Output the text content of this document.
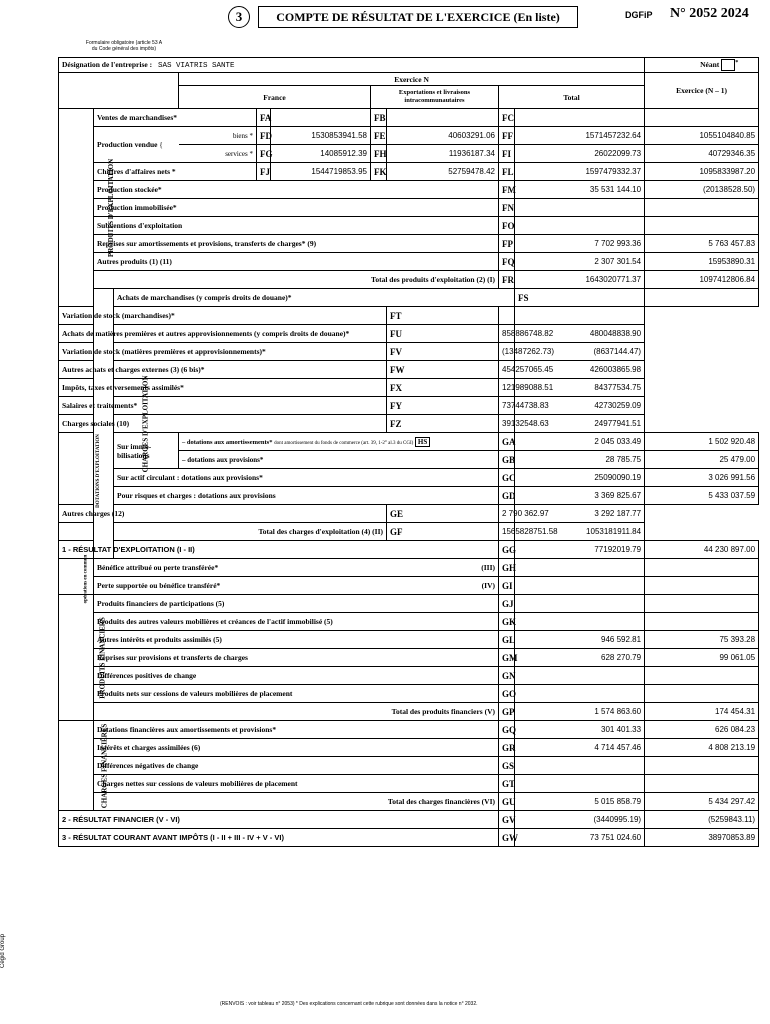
3	COMPTE DE RÉSULTAT DE L'EXERCICE (En liste)	DGFiP N° 2052 2024
Formulaire obligatoire (article 53 A
du Code général des impôts)
Désignation de l'entreprise : SAS VIATRIS SANTE										Néant *
			Exercice N							Exercice (N – 1)	
			France			Exportations et livraisons intracommunautaires		Total			
PRODUITS D'EXPLOITATION	Ventes de marchandises*			FA		FB		FC			
	Production vendue {		biens *	FD	1530853941.58	FE	40603291.06	FF	1571457232.64	1055104840.85	
			services *	FG	14085912.39	FH	11936187.34	FI	26022099.73	40729346.35	
	Chiffres d'affaires nets *			FJ	1544719853.95	FK	52759478.42	FL	1597479332.37	1095833987.20	
	Production stockée*							FM	35 531 144.10	(20138528.50)	
	Production immobilisée*							FN			
	Subventions d'exploitation							FO			
	Reprises sur amortissements et provisions, transferts de charges* (9)							FP	7 702 993.36	5 763 457.83	
	Autres produits (1) (11)							FQ	2 307 301.54	15953890.31	
	Total des produits d'exploitation (2) (I)							FR	1643020771.37	1097412806.84	
	CHARGES D'EXPLOITATION	Achats de marchandises (y compris droits de douane)*							FS		
Variation de stock (marchandises)*							FT				
Achats de matières premières et autres approvisionnements (y compris droits de douane)*							FU	858886748.82	480048838.90		
Variation de stock (matières premières et approvisionnements)*							FV	(13487262.73)	(8637144.47)		
Autres achats et charges externes (3) (6 bis)*							FW	454257065.45	426003865.98		
Impôts, taxes et versements assimilés*							FX	121989088.51	84377534.75		
Salaires et traitements*							FY	73744738.83	42730259.09		
Charges sociales (10)							FZ	39132548.63	24977941.51		
DOTATIONS D'EXPLOITATION		Sur immo-
bilisations	– dotations aux amortissements* dont amortissement du fonds de commerce (art. 39, 1-2° al.3 du CGI) HS					GA	2 045 033.49	1 502 920.48	
			– dotations aux provisions*					GB	28 785.75	25 479.00	
		Sur actif circulant : dotations aux provisions*						GC	25090090.19	3 026 991.56	
		Pour risques et charges : dotations aux provisions						GD	3 369 825.67	5 433 037.59	
Autres charges (12)							GE	2 790 362.97	3 292 187.77		
Total des charges d'exploitation (4) (II)							GF	1565828751.58	1053181911.84		
1 - RÉSULTAT D'EXPLOITATION (I - II)								GG	77192019.79	44 230 897.00	
opérations en commun	Bénéfice attribué ou perte transférée* (III)							GH			
	Perte supportée ou bénéfice transféré* (IV)							GI			
PRODUITS FINANCIERS	Produits financiers de participations (5)							GJ			
	Produits des autres valeurs mobilières et créances de l'actif immobilisé (5)							GK			
	Autres intérêts et produits assimilés (5)							GL	946 592.81	75 393.28	
	Reprises sur provisions et transferts de charges							GM	628 270.79	99 061.05	
	Différences positives de change							GN			
	Produits nets sur cessions de valeurs mobilières de placement							GO			
	Total des produits financiers (V)							GP	1 574 863.60	174 454.31	
CHARGES FINANCIÈRES	Dotations financières aux amortissements et provisions*							GQ	301 401.33	626 084.23	
	Intérêts et charges assimilées (6)							GR	4 714 457.46	4 808 213.19	
	Différences négatives de change							GS			
	Charges nettes sur cessions de valeurs mobilières de placement							GT			
	Total des charges financières (VI)							GU	5 015 858.79	5 434 297.42	
2 - RÉSULTAT FINANCIER (V - VI)								GV	(3440995.19)	(5259843.11)	
3 - RÉSULTAT COURANT AVANT IMPÔTS (I - II + III - IV + V - VI)								GW	73 751 024.60	38970853.89	
(RENVOIS : voir tableau n° 2053) * Des explications concernant cette rubrique sont données dans la notice n° 2032.
Cegid Group
